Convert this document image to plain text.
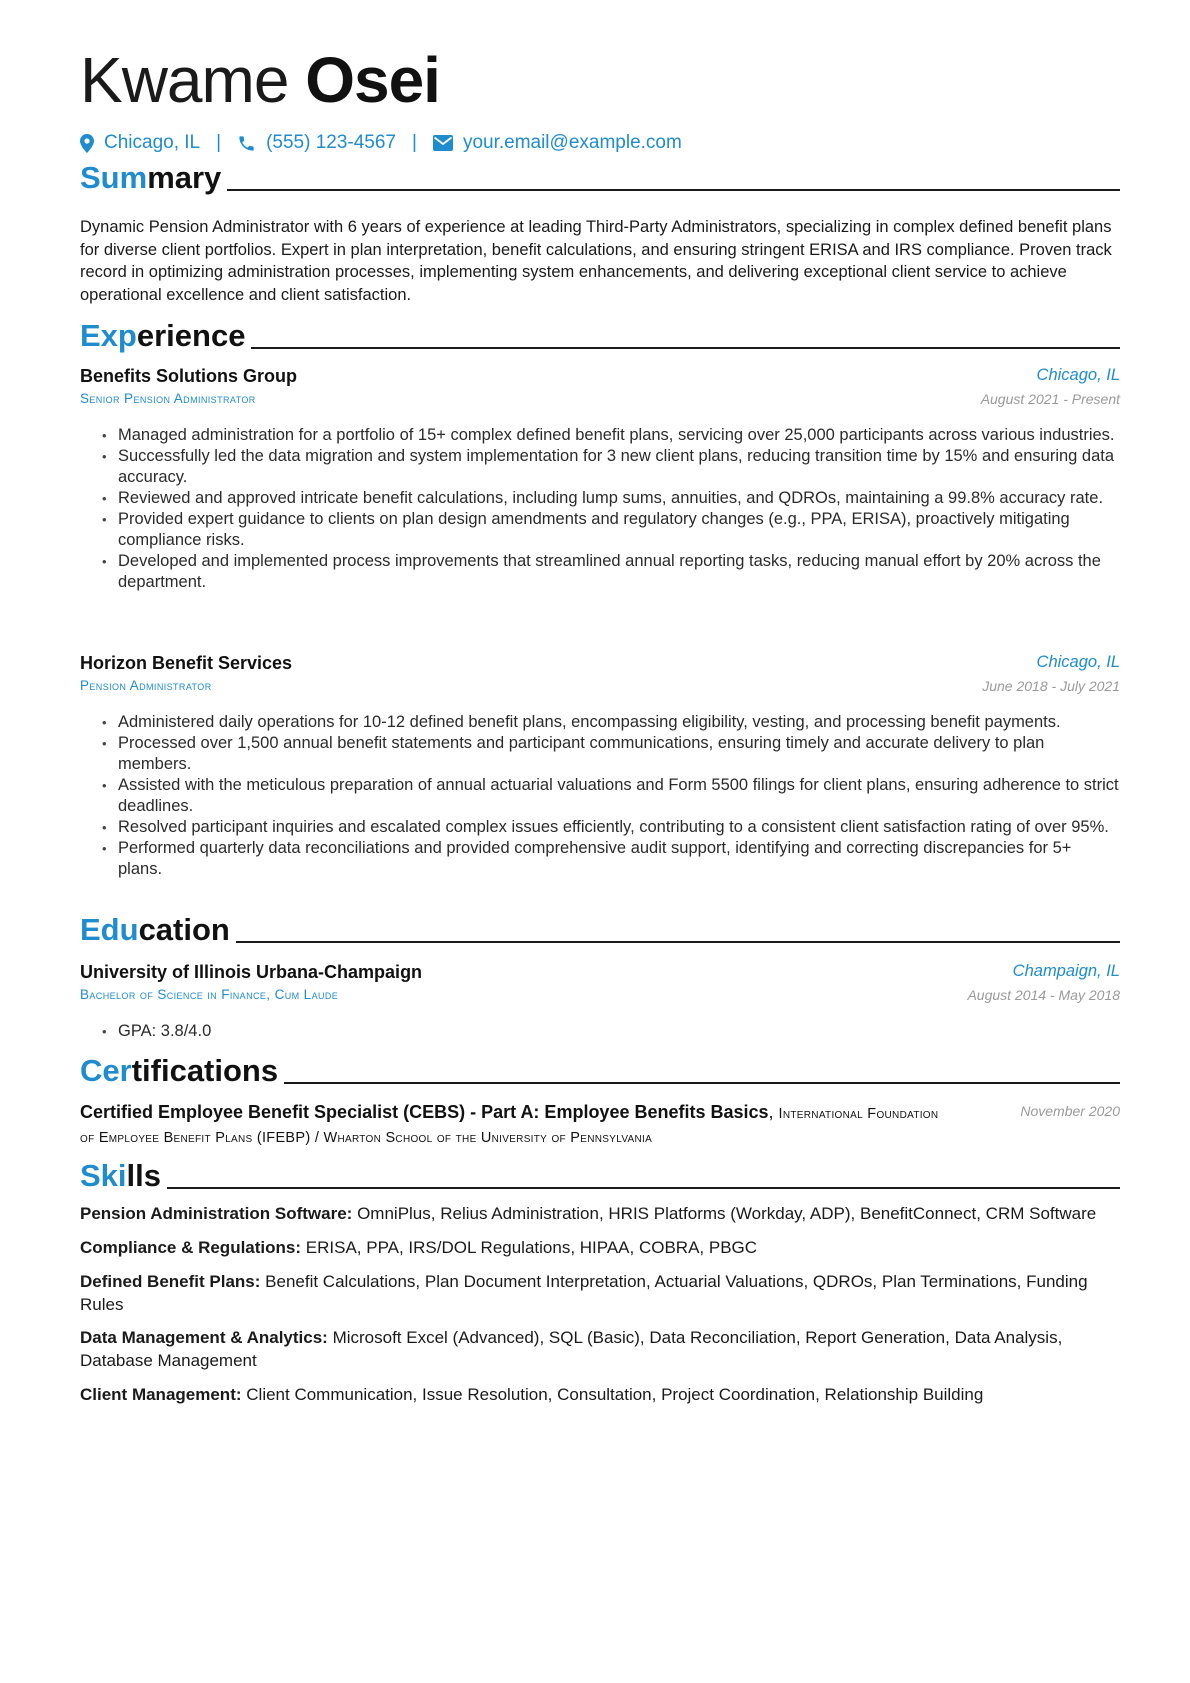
Kwame Osei
Chicago, IL | (555) 123-4567 | your.email@example.com
Summary
Dynamic Pension Administrator with 6 years of experience at leading Third-Party Administrators, specializing in complex defined benefit plans for diverse client portfolios. Expert in plan interpretation, benefit calculations, and ensuring stringent ERISA and IRS compliance. Proven track record in optimizing administration processes, implementing system enhancements, and delivering exceptional client service to achieve operational excellence and client satisfaction.
Experience
Benefits Solutions Group
Senior Pension Administrator
Chicago, IL
August 2021 - Present
• Managed administration for a portfolio of 15+ complex defined benefit plans, servicing over 25,000 participants across various industries.
• Successfully led the data migration and system implementation for 3 new client plans, reducing transition time by 15% and ensuring data accuracy.
• Reviewed and approved intricate benefit calculations, including lump sums, annuities, and QDROs, maintaining a 99.8% accuracy rate.
• Provided expert guidance to clients on plan design amendments and regulatory changes (e.g., PPA, ERISA), proactively mitigating compliance risks.
• Developed and implemented process improvements that streamlined annual reporting tasks, reducing manual effort by 20% across the department.
Horizon Benefit Services
Pension Administrator
Chicago, IL
June 2018 - July 2021
• Administered daily operations for 10-12 defined benefit plans, encompassing eligibility, vesting, and processing benefit payments.
• Processed over 1,500 annual benefit statements and participant communications, ensuring timely and accurate delivery to plan members.
• Assisted with the meticulous preparation of annual actuarial valuations and Form 5500 filings for client plans, ensuring adherence to strict deadlines.
• Resolved participant inquiries and escalated complex issues efficiently, contributing to a consistent client satisfaction rating of over 95%.
• Performed quarterly data reconciliations and provided comprehensive audit support, identifying and correcting discrepancies for 5+ plans.
Education
University of Illinois Urbana-Champaign
Bachelor of Science in Finance, Cum Laude
Champaign, IL
August 2014 - May 2018
• GPA: 3.8/4.0
Certifications
Certified Employee Benefit Specialist (CEBS) - Part A: Employee Benefits Basics, International Foundation of Employee Benefit Plans (IFEBP) / Wharton School of the University of Pennsylvania
November 2020
Skills
Pension Administration Software: OmniPlus, Relius Administration, HRIS Platforms (Workday, ADP), BenefitConnect, CRM Software
Compliance & Regulations: ERISA, PPA, IRS/DOL Regulations, HIPAA, COBRA, PBGC
Defined Benefit Plans: Benefit Calculations, Plan Document Interpretation, Actuarial Valuations, QDROs, Plan Terminations, Funding Rules
Data Management & Analytics: Microsoft Excel (Advanced), SQL (Basic), Data Reconciliation, Report Generation, Data Analysis, Database Management
Client Management: Client Communication, Issue Resolution, Consultation, Project Coordination, Relationship Building
